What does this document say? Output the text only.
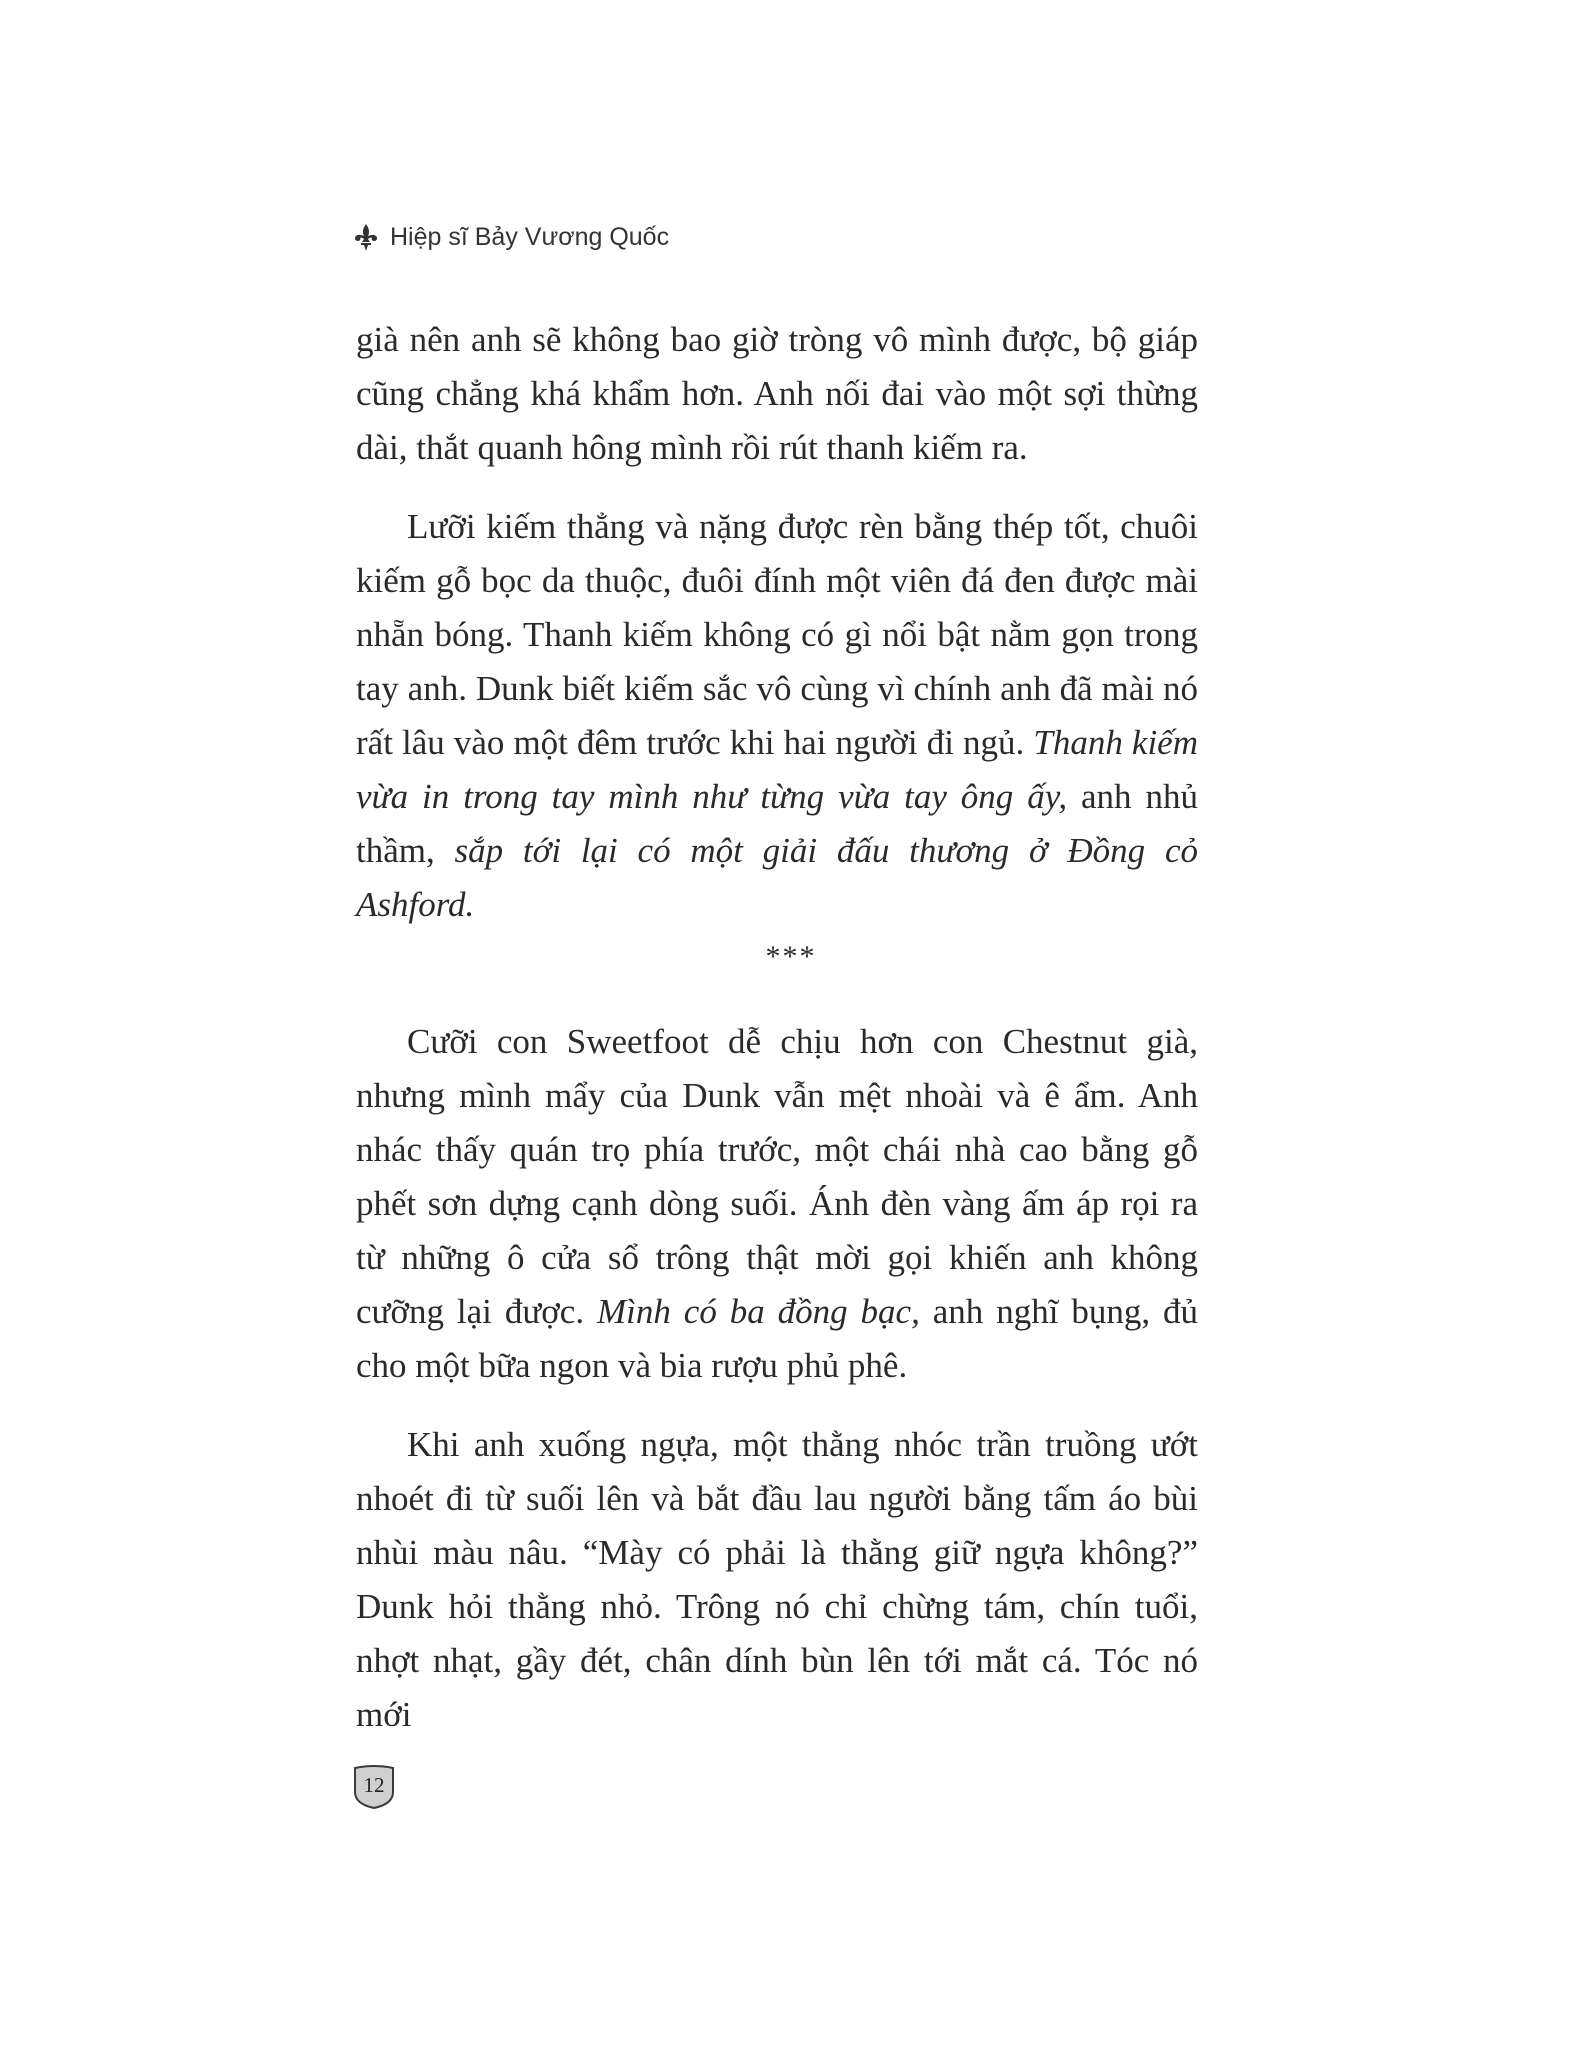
Hiệp sĩ Bảy Vương Quốc

già nên anh sẽ không bao giờ tròng vô mình được, bộ giáp cũng chẳng khá khẩm hơn. Anh nối đai vào một sợi thừng dài, thắt quanh hông mình rồi rút thanh kiếm ra.

Lưỡi kiếm thẳng và nặng được rèn bằng thép tốt, chuôi kiếm gỗ bọc da thuộc, đuôi đính một viên đá đen được mài nhẵn bóng. Thanh kiếm không có gì nổi bật nằm gọn trong tay anh. Dunk biết kiếm sắc vô cùng vì chính anh đã mài nó rất lâu vào một đêm trước khi hai người đi ngủ. Thanh kiếm vừa in trong tay mình như từng vừa tay ông ấy, anh nhủ thầm, sắp tới lại có một giải đấu thương ở Đồng cỏ Ashford.

***

Cưỡi con Sweetfoot dễ chịu hơn con Chestnut già, nhưng mình mẩy của Dunk vẫn mệt nhoài và ê ẩm. Anh nhác thấy quán trọ phía trước, một chái nhà cao bằng gỗ phết sơn dựng cạnh dòng suối. Ánh đèn vàng ấm áp rọi ra từ những ô cửa sổ trông thật mời gọi khiến anh không cưỡng lại được. Mình có ba đồng bạc, anh nghĩ bụng, đủ cho một bữa ngon và bia rượu phủ phê.

Khi anh xuống ngựa, một thằng nhóc trần truồng ướt nhoét đi từ suối lên và bắt đầu lau người bằng tấm áo bùi nhùi màu nâu. “Mày có phải là thằng giữ ngựa không?” Dunk hỏi thằng nhỏ. Trông nó chỉ chừng tám, chín tuổi, nhợt nhạt, gầy đét, chân dính bùn lên tới mắt cá. Tóc nó mới

12
